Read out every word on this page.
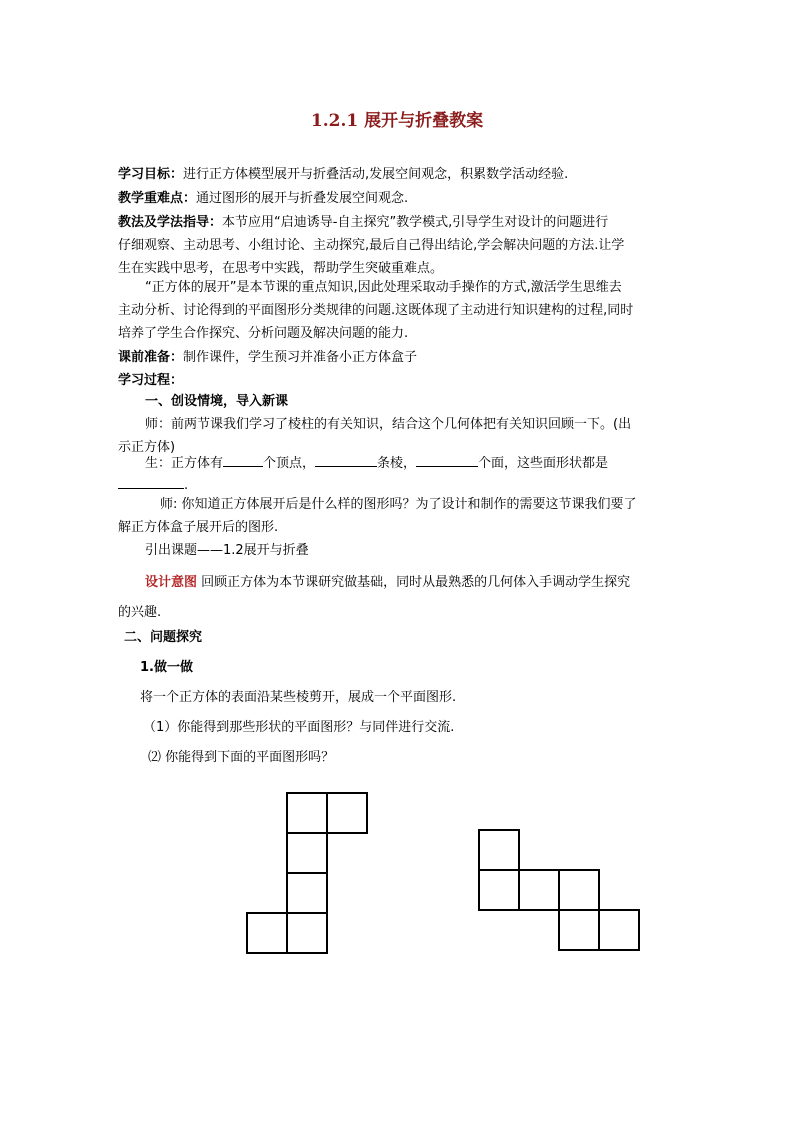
1.2.1 展开与折叠教案
学习目标：进行正方体模型展开与折叠活动,发展空间观念，积累数学活动经验.
教学重难点：通过图形的展开与折叠发展空间观念.
教法及学法指导：本节应用“启迪诱导-自主探究”教学模式,引导学生对设计的问题进行
仔细观察、主动思考、小组讨论、主动探究,最后自己得出结论,学会解决问题的方法.让学
生在实践中思考，在思考中实践，帮助学生突破重难点。
“正方体的展开”是本节课的重点知识,因此处理采取动手操作的方式,激活学生思维去
主动分析、讨论得到的平面图形分类规律的问题.这既体现了主动进行知识建构的过程,同时
培养了学生合作探究、分析问题及解决问题的能力.
课前准备：制作课件，学生预习并准备小正方体盒子
学习过程：
一、创设情境，导入新课
师：前两节课我们学习了棱柱的有关知识，结合这个几何体把有关知识回顾一下。(出
示正方体)
生：正方体有	个顶点，	条棱，	个面，这些面形状都是
.
师: 你知道正方体展开后是什么样的图形吗？为了设计和制作的需要这节课我们要了
解正方体盒子展开后的图形.
引出课题——1.2展开与折叠
设计意图 回顾正方体为本节课研究做基础，同时从最熟悉的几何体入手调动学生探究
的兴趣.
二、问题探究
1.做一做
将一个正方体的表面沿某些棱剪开，展成一个平面图形.
（1）你能得到那些形状的平面图形？与同伴进行交流.
⑵ 你能得到下面的平面图形吗？
